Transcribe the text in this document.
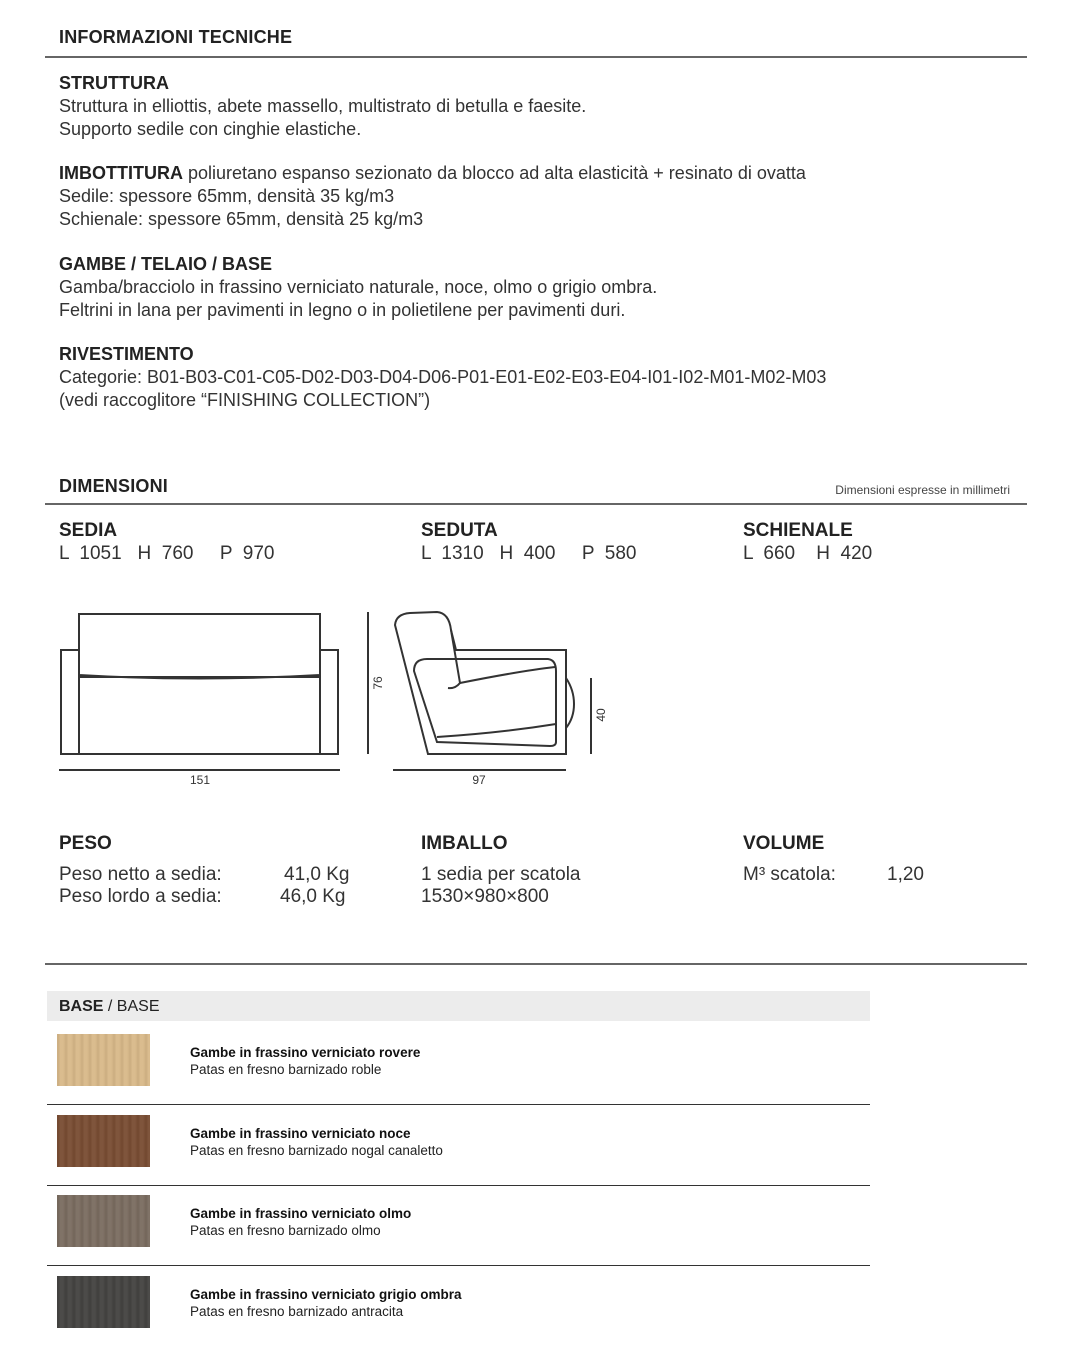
INFORMAZIONI TECNICHE
STRUTTURA
Struttura in elliottis, abete massello, multistrato di betulla e faesite.
Supporto sedile con cinghie elastiche.
IMBOTTITURA poliuretano espanso sezionato da blocco ad alta elasticità + resinato di ovatta
Sedile: spessore 65mm, densità 35 kg/m3
Schienale: spessore 65mm, densità 25 kg/m3
GAMBE / TELAIO / BASE
Gamba/bracciolo in frassino verniciato naturale, noce, olmo o grigio ombra.
Feltrini in lana per pavimenti in legno o in polietilene per pavimenti duri.
RIVESTIMENTO
Categorie: B01-B03-C01-C05-D02-D03-D04-D06-P01-E01-E02-E03-E04-I01-I02-M01-M02-M03
(vedi raccoglitore “FINISHING COLLECTION”)
DIMENSIONI	Dimensioni espresse in millimetri
SEDIA
L  1051   H  760     P  970
SEDUTA
L  1310   H  400     P  580
SCHIENALE
L  660    H  420
151	97
76
40
PESO
Peso netto a sedia:	41,0 Kg
Peso lordo a sedia:	46,0 Kg
IMBALLO
1 sedia per scatola
1530×980×800
VOLUME
M³ scatola:	1,20
BASE / BASE
Gambe in frassino verniciato rovere
Patas en fresno barnizado roble
Gambe in frassino verniciato noce
Patas en fresno barnizado nogal canaletto
Gambe in frassino verniciato olmo
Patas en fresno barnizado olmo
Gambe in frassino verniciato grigio ombra
Patas en fresno barnizado antracita
